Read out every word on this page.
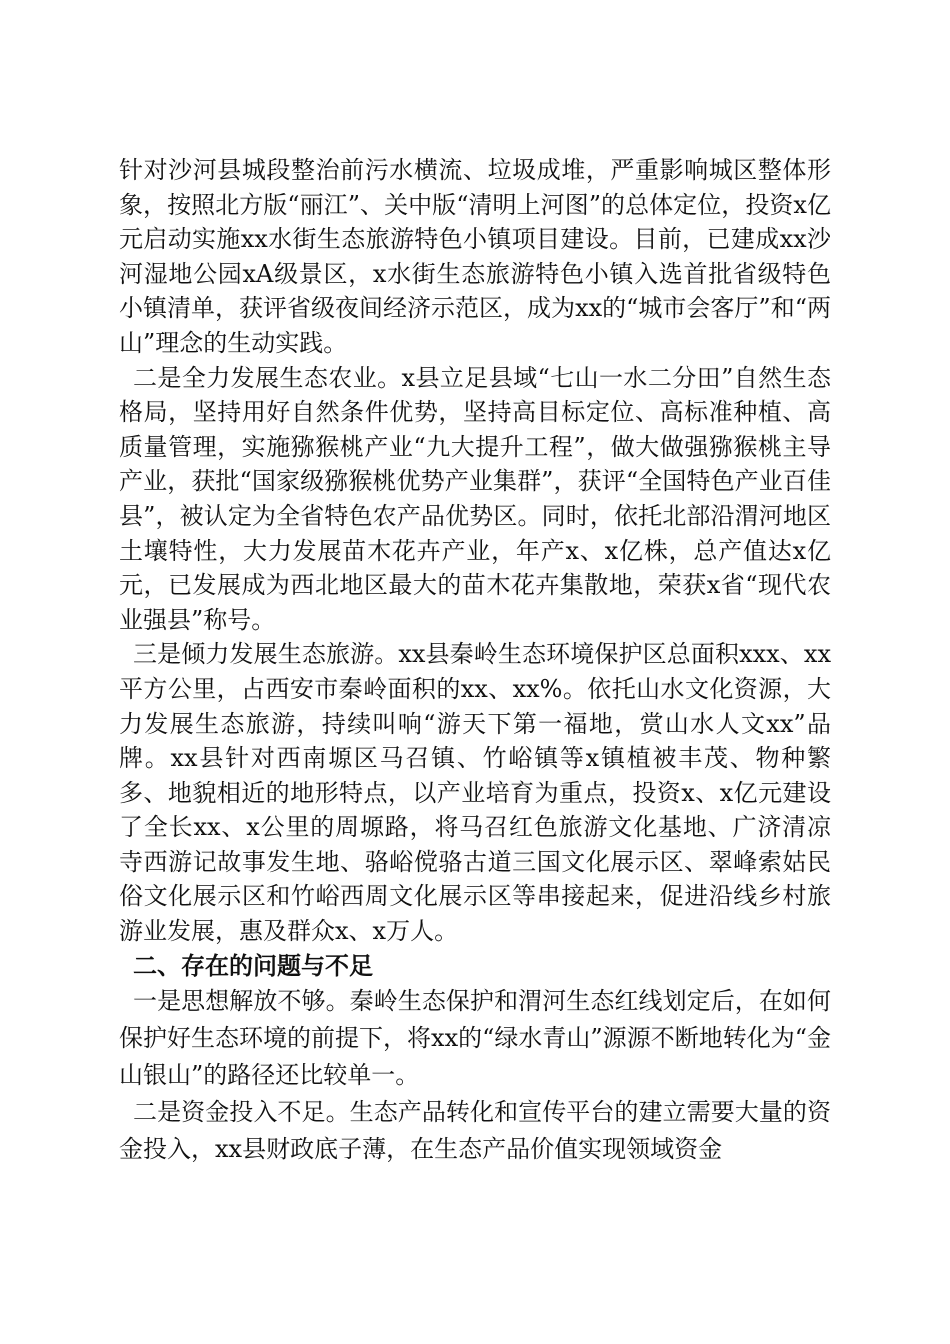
针对沙河县城段整治前污水横流、垃圾成堆，严重影响城区整体形象，按照北方版“丽江”、关中版“清明上河图”的总体定位，投资x亿元启动实施xx水街生态旅游特色小镇项目建设。目前，已建成xx沙河湿地公园xA级景区，x水街生态旅游特色小镇入选首批省级特色小镇清单，获评省级夜间经济示范区，成为xx的“城市会客厅”和“两山”理念的生动实践。

二是全力发展生态农业。x县立足县域“七山一水二分田”自然生态格局，坚持用好自然条件优势，坚持高目标定位、高标准种植、高质量管理，实施猕猴桃产业“九大提升工程”，做大做强猕猴桃主导产业，获批“国家级猕猴桃优势产业集群”，获评“全国特色产业百佳县”，被认定为全省特色农产品优势区。同时，依托北部沿渭河地区土壤特性，大力发展苗木花卉产业，年产x、x亿株，总产值达x亿元，已发展成为西北地区最大的苗木花卉集散地，荣获x省“现代农业强县”称号。

三是倾力发展生态旅游。xx县秦岭生态环境保护区总面积xxx、xx平方公里，占西安市秦岭面积的xx、xx%。依托山水文化资源，大力发展生态旅游，持续叫响“游天下第一福地，赏山水人文xx”品牌。xx县针对西南塬区马召镇、竹峪镇等x镇植被丰茂、物种繁多、地貌相近的地形特点，以产业培育为重点，投资x、x亿元建设了全长xx、x公里的周塬路，将马召红色旅游文化基地、广济清凉寺西游记故事发生地、骆峪傥骆古道三国文化展示区、翠峰索姑民俗文化展示区和竹峪西周文化展示区等串接起来，促进沿线乡村旅游业发展，惠及群众x、x万人。

二、存在的问题与不足

一是思想解放不够。秦岭生态保护和渭河生态红线划定后，在如何保护好生态环境的前提下，将xx的“绿水青山”源源不断地转化为“金山银山”的路径还比较单一。

二是资金投入不足。生态产品转化和宣传平台的建立需要大量的资金投入，xx县财政底子薄，在生态产品价值实现领域资金
